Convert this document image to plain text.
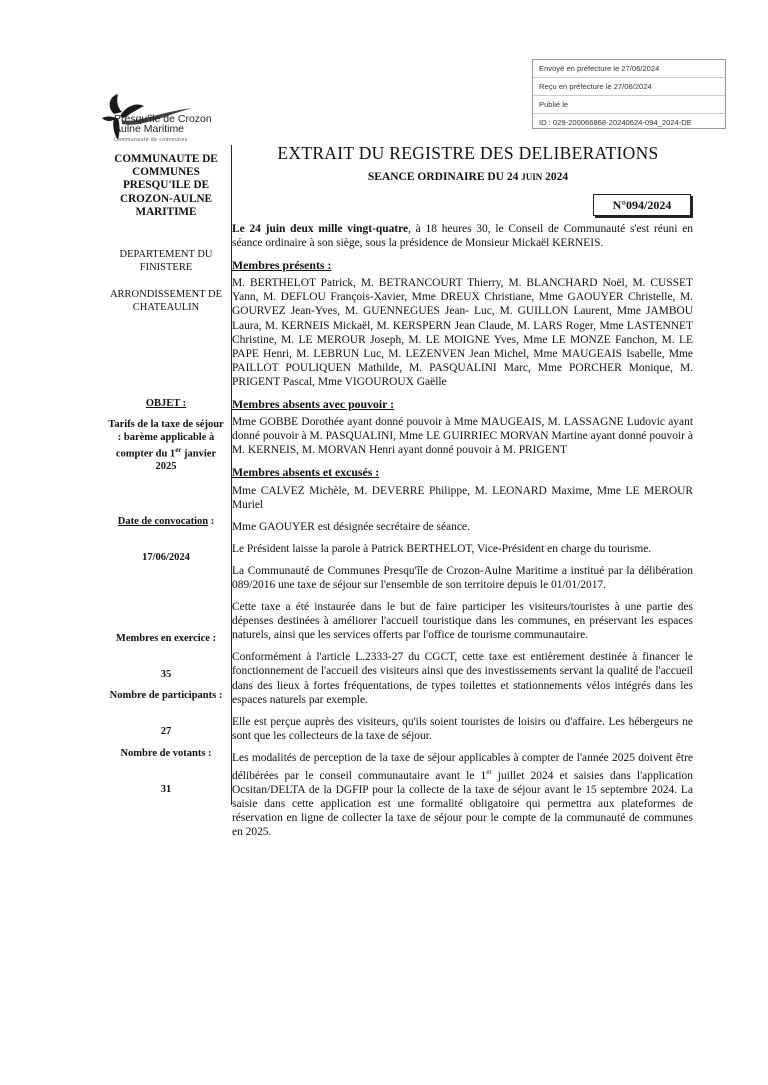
Envoyé en préfecture le 27/06/2024
Reçu en préfecture le 27/06/2024
Publié le
ID : 029-200066868-20240624-094_2024-DE
Presqu'île de Crozon
Aulne Maritime
Communauté de communes
COMMUNAUTE DE COMMUNES PRESQU'ILE DE CROZON-AULNE MARITIME
DEPARTEMENT DU FINISTERE
ARRONDISSEMENT DE CHATEAULIN
OBJET :
Tarifs de la taxe de séjour : barème applicable à compter du 1er janvier 2025
Date de convocation :
17/06/2024
Membres en exercice :
35
Nombre de participants :
27
Nombre de votants :
31
EXTRAIT DU REGISTRE DES DELIBERATIONS
SEANCE ORDINAIRE DU 24 JUIN 2024
N°094/2024

Le 24 juin deux mille vingt-quatre, à 18 heures 30, le Conseil de Communauté s'est réuni en séance ordinaire à son siège, sous la présidence de Monsieur Mickaël KERNEIS.

Membres présents :

M. BERTHELOT Patrick, M. BETRANCOURT Thierry, M. BLANCHARD Noël, M. CUSSET Yann, M. DEFLOU François-Xavier, Mme DREUX Christiane, Mme GAOUYER Christelle, M. GOURVEZ Jean-Yves, M. GUENNEGUES Jean- Luc, M. GUILLON Laurent, Mme JAMBOU Laura, M. KERNEIS Mickaël, M. KERSPERN Jean Claude, M. LARS Roger, Mme LASTENNET Christine, M. LE MEROUR Joseph, M. LE MOIGNE Yves, Mme LE MONZE Fanchon, M. LE PAPE Henri, M. LEBRUN Luc, M. LEZENVEN Jean Michel, Mme MAUGEAIS Isabelle, Mme PAILLOT POULIQUEN Mathilde, M. PASQUALINI Marc, Mme PORCHER Monique, M. PRIGENT Pascal, Mme VIGOUROUX Gaëlle

Membres absents avec pouvoir :

Mme GOBBE Dorothée ayant donné pouvoir à Mme MAUGEAIS, M. LASSAGNE Ludovic ayant donné pouvoir à M. PASQUALINI, Mme LE GUIRRIEC MORVAN Martine ayant donné pouvoir à M. KERNEIS, M. MORVAN Henri ayant donné pouvoir à M. PRIGENT

Membres absents et excusés :

Mme CALVEZ Michèle, M. DEVERRE Philippe, M. LEONARD Maxime, Mme LE MEROUR Muriel

Mme GAOUYER est désignée secrétaire de séance.

Le Président laisse la parole à Patrick BERTHELOT, Vice-Président en charge du tourisme.

La Communauté de Communes Presqu'île de Crozon-Aulne Maritime a institué par la délibération 089/2016 une taxe de séjour sur l'ensemble de son territoire depuis le 01/01/2017.

Cette taxe a été instaurée dans le but de faire participer les visiteurs/touristes à une partie des dépenses destinées à améliorer l'accueil touristique dans les communes, en préservant les espaces naturels, ainsi que les services offerts par l'office de tourisme communautaire.

Conformément à l'article L.2333-27 du CGCT, cette taxe est entièrement destinée à financer le fonctionnement de l'accueil des visiteurs ainsi que des investissements servant la qualité de l'accueil dans des lieux à fortes fréquentations, de types toilettes et stationnements vélos intégrés dans les espaces naturels par exemple.

Elle est perçue auprès des visiteurs, qu'ils soient touristes de loisirs ou d'affaire. Les hébergeurs ne sont que les collecteurs de la taxe de séjour.

Les modalités de perception de la taxe de séjour applicables à compter de l'année 2025 doivent être délibérées par le conseil communautaire avant le 1er juillet 2024 et saisies dans l'application Ocsitan/DELTA de la DGFIP pour la collecte de la taxe de séjour avant le 15 septembre 2024. La saisie dans cette application est une formalité obligatoire qui permettra aux plateformes de réservation en ligne de collecter la taxe de séjour pour le compte de la communauté de communes en 2025.
